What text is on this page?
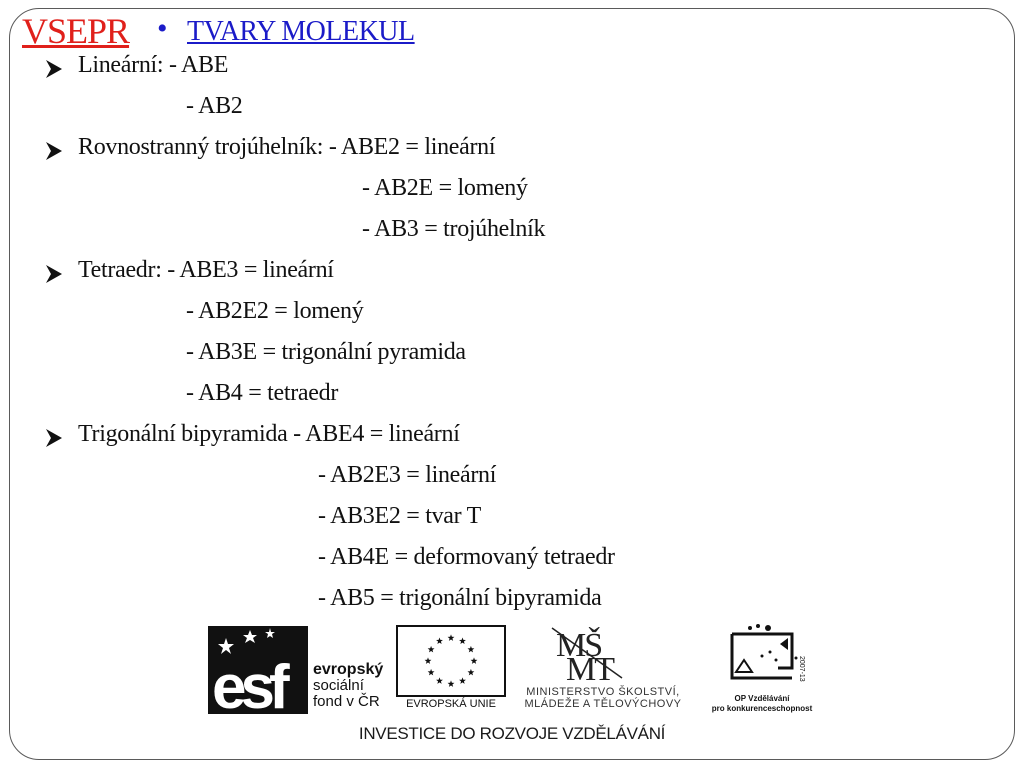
VSEPR • TVARY MOLEKUL
Lineární: - ABE
- AB2
Rovnostranný trojúhelník: - ABE2 = lineární
- AB2E = lomený
- AB3 = trojúhelník
Tetraedr: - ABE3 = lineární
- AB2E2 = lomený
- AB3E = trigonální pyramida
- AB4 = tetraedr
Trigonální bipyramida - ABE4 = lineární
- AB2E3 = lineární
- AB3E2 = tvar T
- AB4E = deformovaný tetraedr
- AB5 = trigonální bipyramida
esf
MŠ
MT	2007-13
evropský
sociální
fond v ČR	EVROPSKÁ UNIE
MINISTERSTVO ŠKOLSTVÍ,
MLÁDEŽE A TĚLOVÝCHOVY	OP Vzdělávání
pro konkurenceschopnost
INVESTICE DO ROZVOJE VZDĚLÁVÁNÍ
